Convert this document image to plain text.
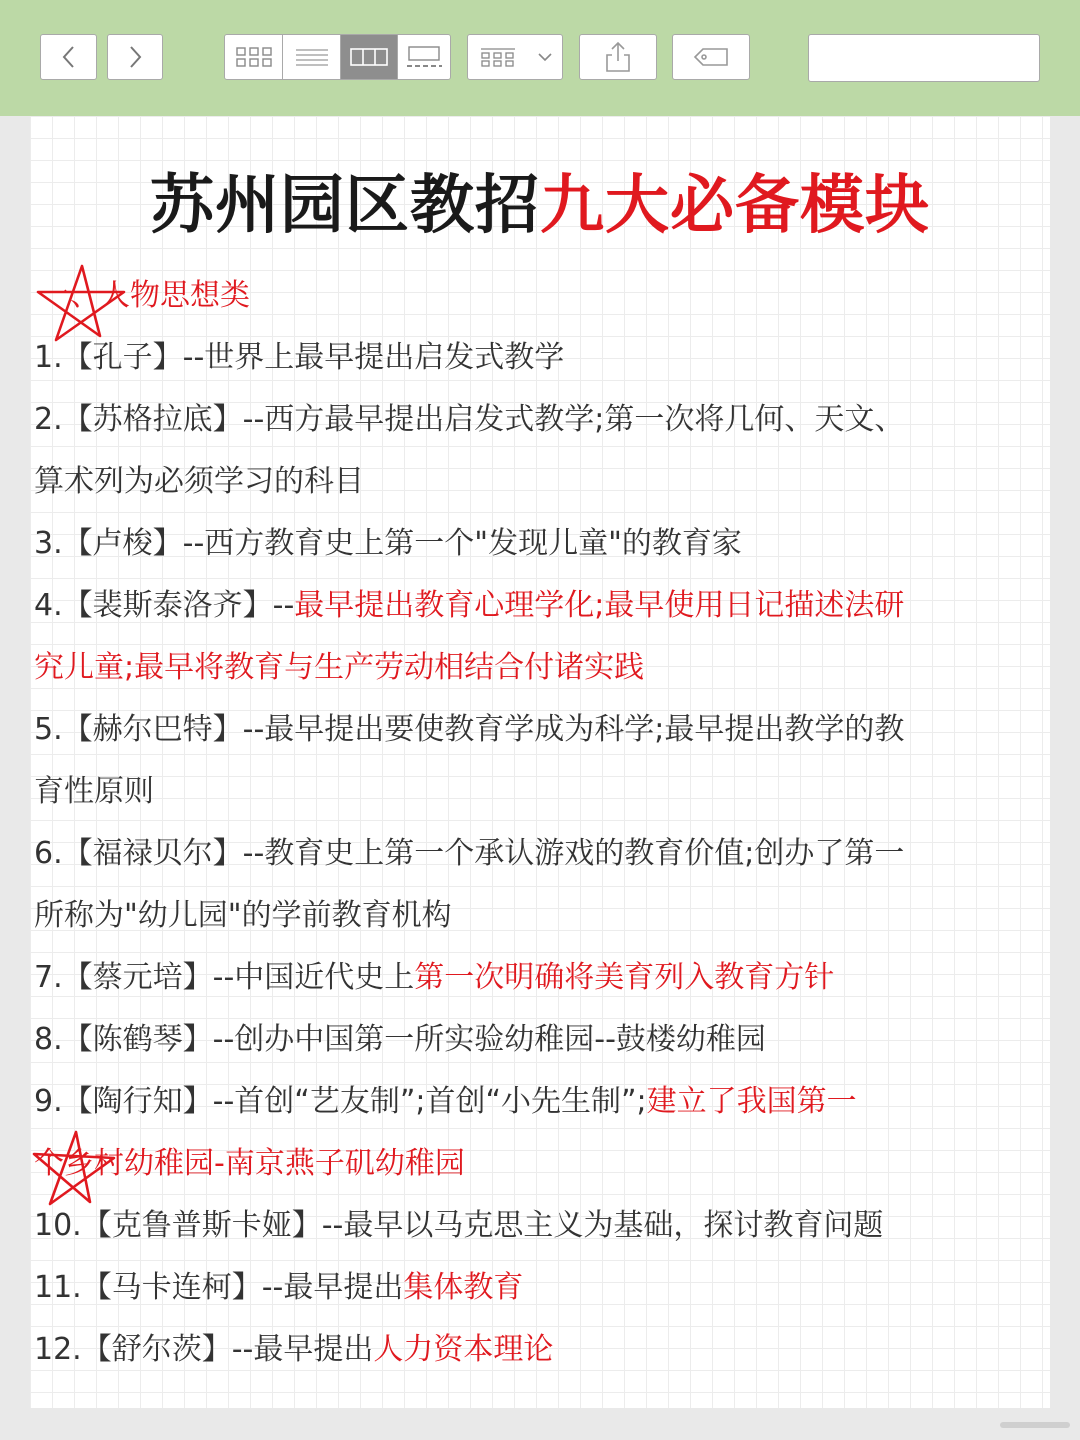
苏州园区教招九大必备模块
一、人物思想类
1.【孔子】--世界上最早提出启发式教学
2.【苏格拉底】--西方最早提出启发式教学;第一次将几何、天文、
算术列为必须学习的科目
3.【卢梭】--西方教育史上第一个"发现儿童"的教育家
4.【裴斯泰洛齐】--最早提出教育心理学化;最早使用日记描述法研
究儿童;最早将教育与生产劳动相结合付诸实践
5.【赫尔巴特】--最早提出要使教育学成为科学;最早提出教学的教
育性原则
6.【福禄贝尔】--教育史上第一个承认游戏的教育价值;创办了第一
所称为"幼儿园"的学前教育机构
7.【蔡元培】--中国近代史上第一次明确将美育列入教育方针
8.【陈鹤琴】--创办中国第一所实验幼稚园--鼓楼幼稚园
9.【陶行知】--首创“艺友制”;首创“小先生制”;建立了我国第一
个乡村幼稚园-南京燕子矶幼稚园
10.【克鲁普斯卡娅】--最早以马克思主义为基础，探讨教育问题
11.【马卡连柯】--最早提出集体教育
12.【舒尔茨】--最早提出人力资本理论
